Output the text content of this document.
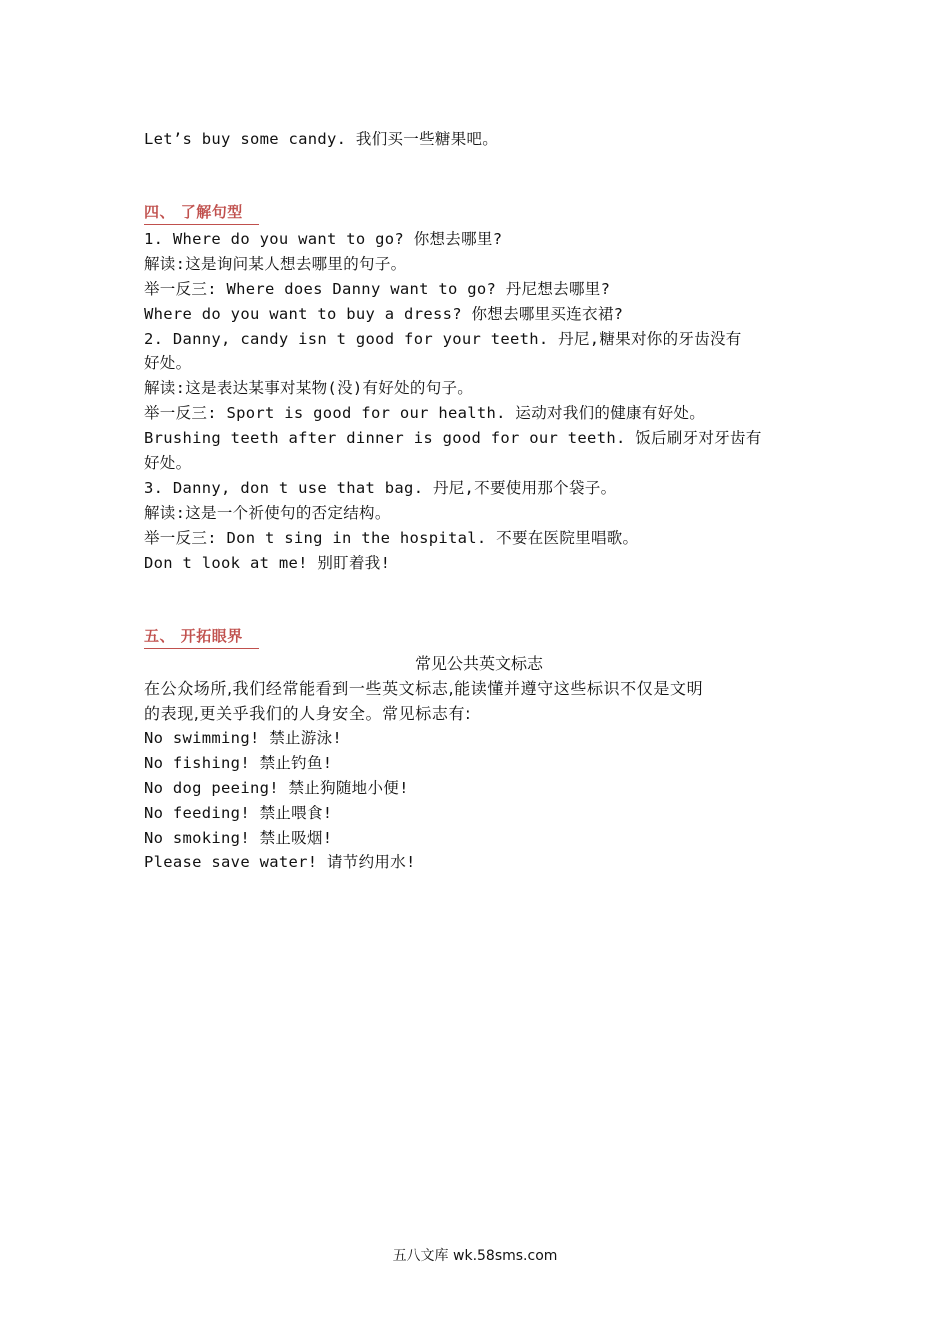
Let’s buy some candy. 我们买一些糖果吧。
四、 了解句型
1. Where do you want to go? 你想去哪里?
解读:这是询问某人想去哪里的句子。
举一反三: Where does Danny want to go? 丹尼想去哪里?
Where do you want to buy a dress? 你想去哪里买连衣裙?
2. Danny, candy isn t good for your teeth. 丹尼,糖果对你的牙齿没有
好处。
解读:这是表达某事对某物(没)有好处的句子。
举一反三: Sport is good for our health. 运动对我们的健康有好处。
Brushing teeth after dinner is good for our teeth. 饭后刷牙对牙齿有
好处。
3. Danny, don t use that bag. 丹尼,不要使用那个袋子。
解读:这是一个祈使句的否定结构。
举一反三: Don t sing in the hospital. 不要在医院里唱歌。
Don t look at me! 别盯着我!
五、 开拓眼界
常见公共英文标志
在公众场所,我们经常能看到一些英文标志,能读懂并遵守这些标识不仅是文明
的表现,更关乎我们的人身安全。常见标志有:
No swimming! 禁止游泳!
No fishing! 禁止钓鱼!
No dog peeing! 禁止狗随地小便!
No feeding! 禁止喂食!
No smoking! 禁止吸烟!
Please save water! 请节约用水!
五八文库 wk.58sms.com
